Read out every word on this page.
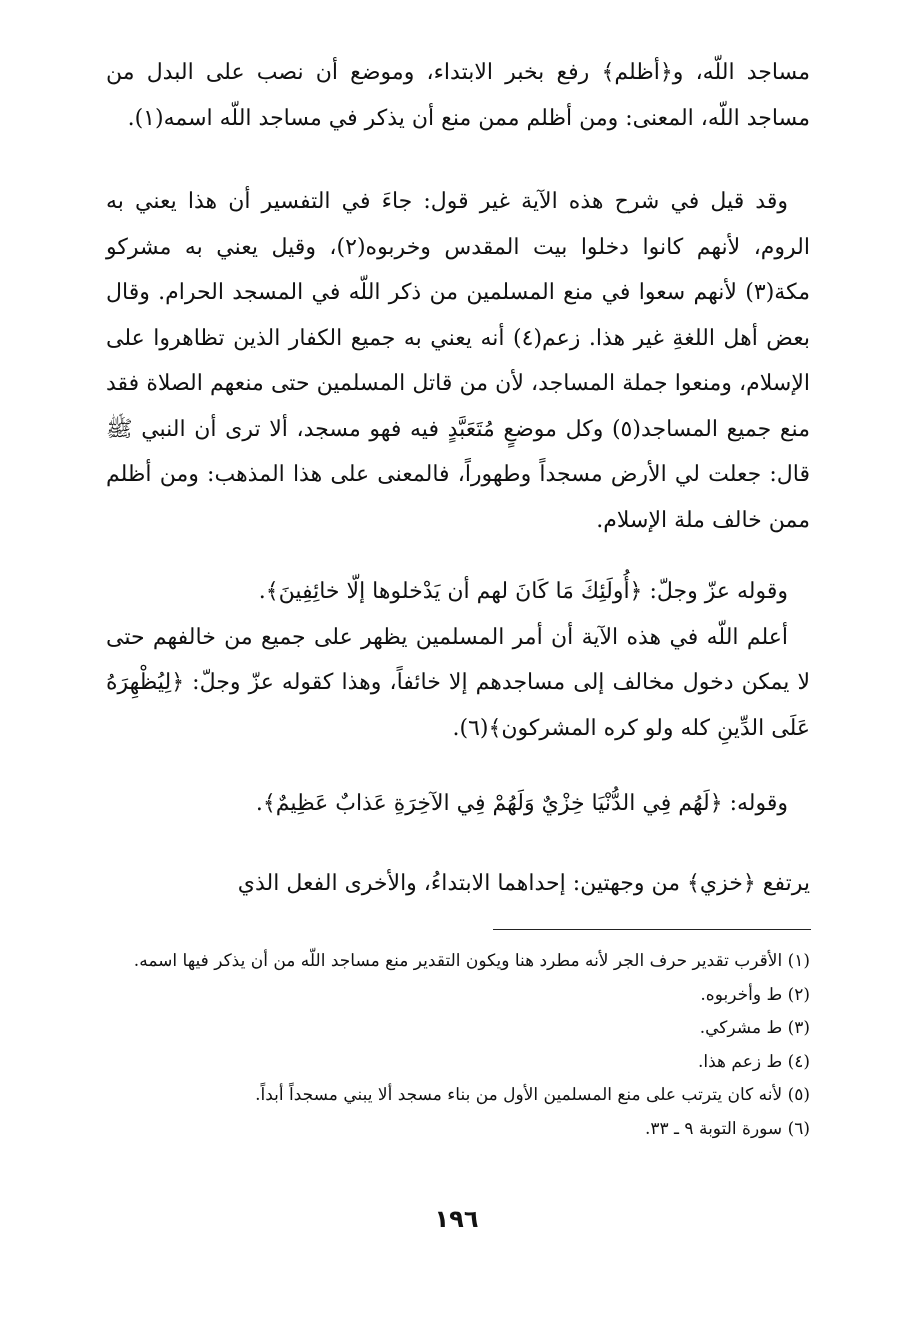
مساجد اللّه، و﴿أظلم﴾ رفع بخبر الابتداء، وموضع أن نصب على البدل من مساجد اللّه، المعنى: ومن أظلم ممن منع أن يذكر في مساجد اللّه اسمه(١).

وقد قيل في شرح هذه الآية غير قول: جاءَ في التفسير أن هذا يعني به الروم، لأنهم كانوا دخلوا بيت المقدس وخربوه(٢)، وقيل يعني به مشركو مكة(٣) لأنهم سعوا في منع المسلمين من ذكر اللّه في المسجد الحرام. وقال بعض أهل اللغةِ غير هذا. زعم(٤) أنه يعني به جميع الكفار الذين تظاهروا على الإسلام، ومنعوا جملة المساجد، لأن من قاتل المسلمين حتى منعهم الصلاة فقد منع جميع المساجد(٥) وكل موضعٍ مُتَعَبَّدٍ فيه فهو مسجد، ألا ترى أن النبي ﷺ قال: جعلت لي الأرض مسجداً وطهوراً، فالمعنى على هذا المذهب: ومن أظلم ممن خالف ملة الإسلام.

وقوله عزّ وجلّ: ﴿أُولَئِكَ مَا كَانَ لهم أن يَدْخلوها إلّا خائِفِينَ﴾.

أعلم اللّه في هذه الآية أن أمر المسلمين يظهر على جميع من خالفهم حتى لا يمكن دخول مخالف إلى مساجدهم إلا خائفاً، وهذا كقوله عزّ وجلّ: ﴿لِيُظْهِرَهُ عَلَى الدِّينِ كله ولو كره المشركون﴾(٦).

وقوله: ﴿لَهُم فِي الدُّنْيَا خِزْيٌ وَلَهُمْ فِي الآخِرَةِ عَذابٌ عَظِيمٌ﴾.

يرتفع ﴿خزي﴾ من وجهتين: إحداهما الابتداءُ، والأخرى الفعل الذي

(١) الأقرب تقدير حرف الجر لأنه مطرد هنا ويكون التقدير منع مساجد اللّه من أن يذكر فيها اسمه.

(٢) ط وأخربوه.

(٣) ط مشركي.

(٤) ط زعم هذا.

(٥) لأنه كان يترتب على منع المسلمين الأول من بناء مسجد ألا يبني مسجداً أبداً.

(٦) سورة التوبة ٩ ـ ٣٣.

١٩٦
